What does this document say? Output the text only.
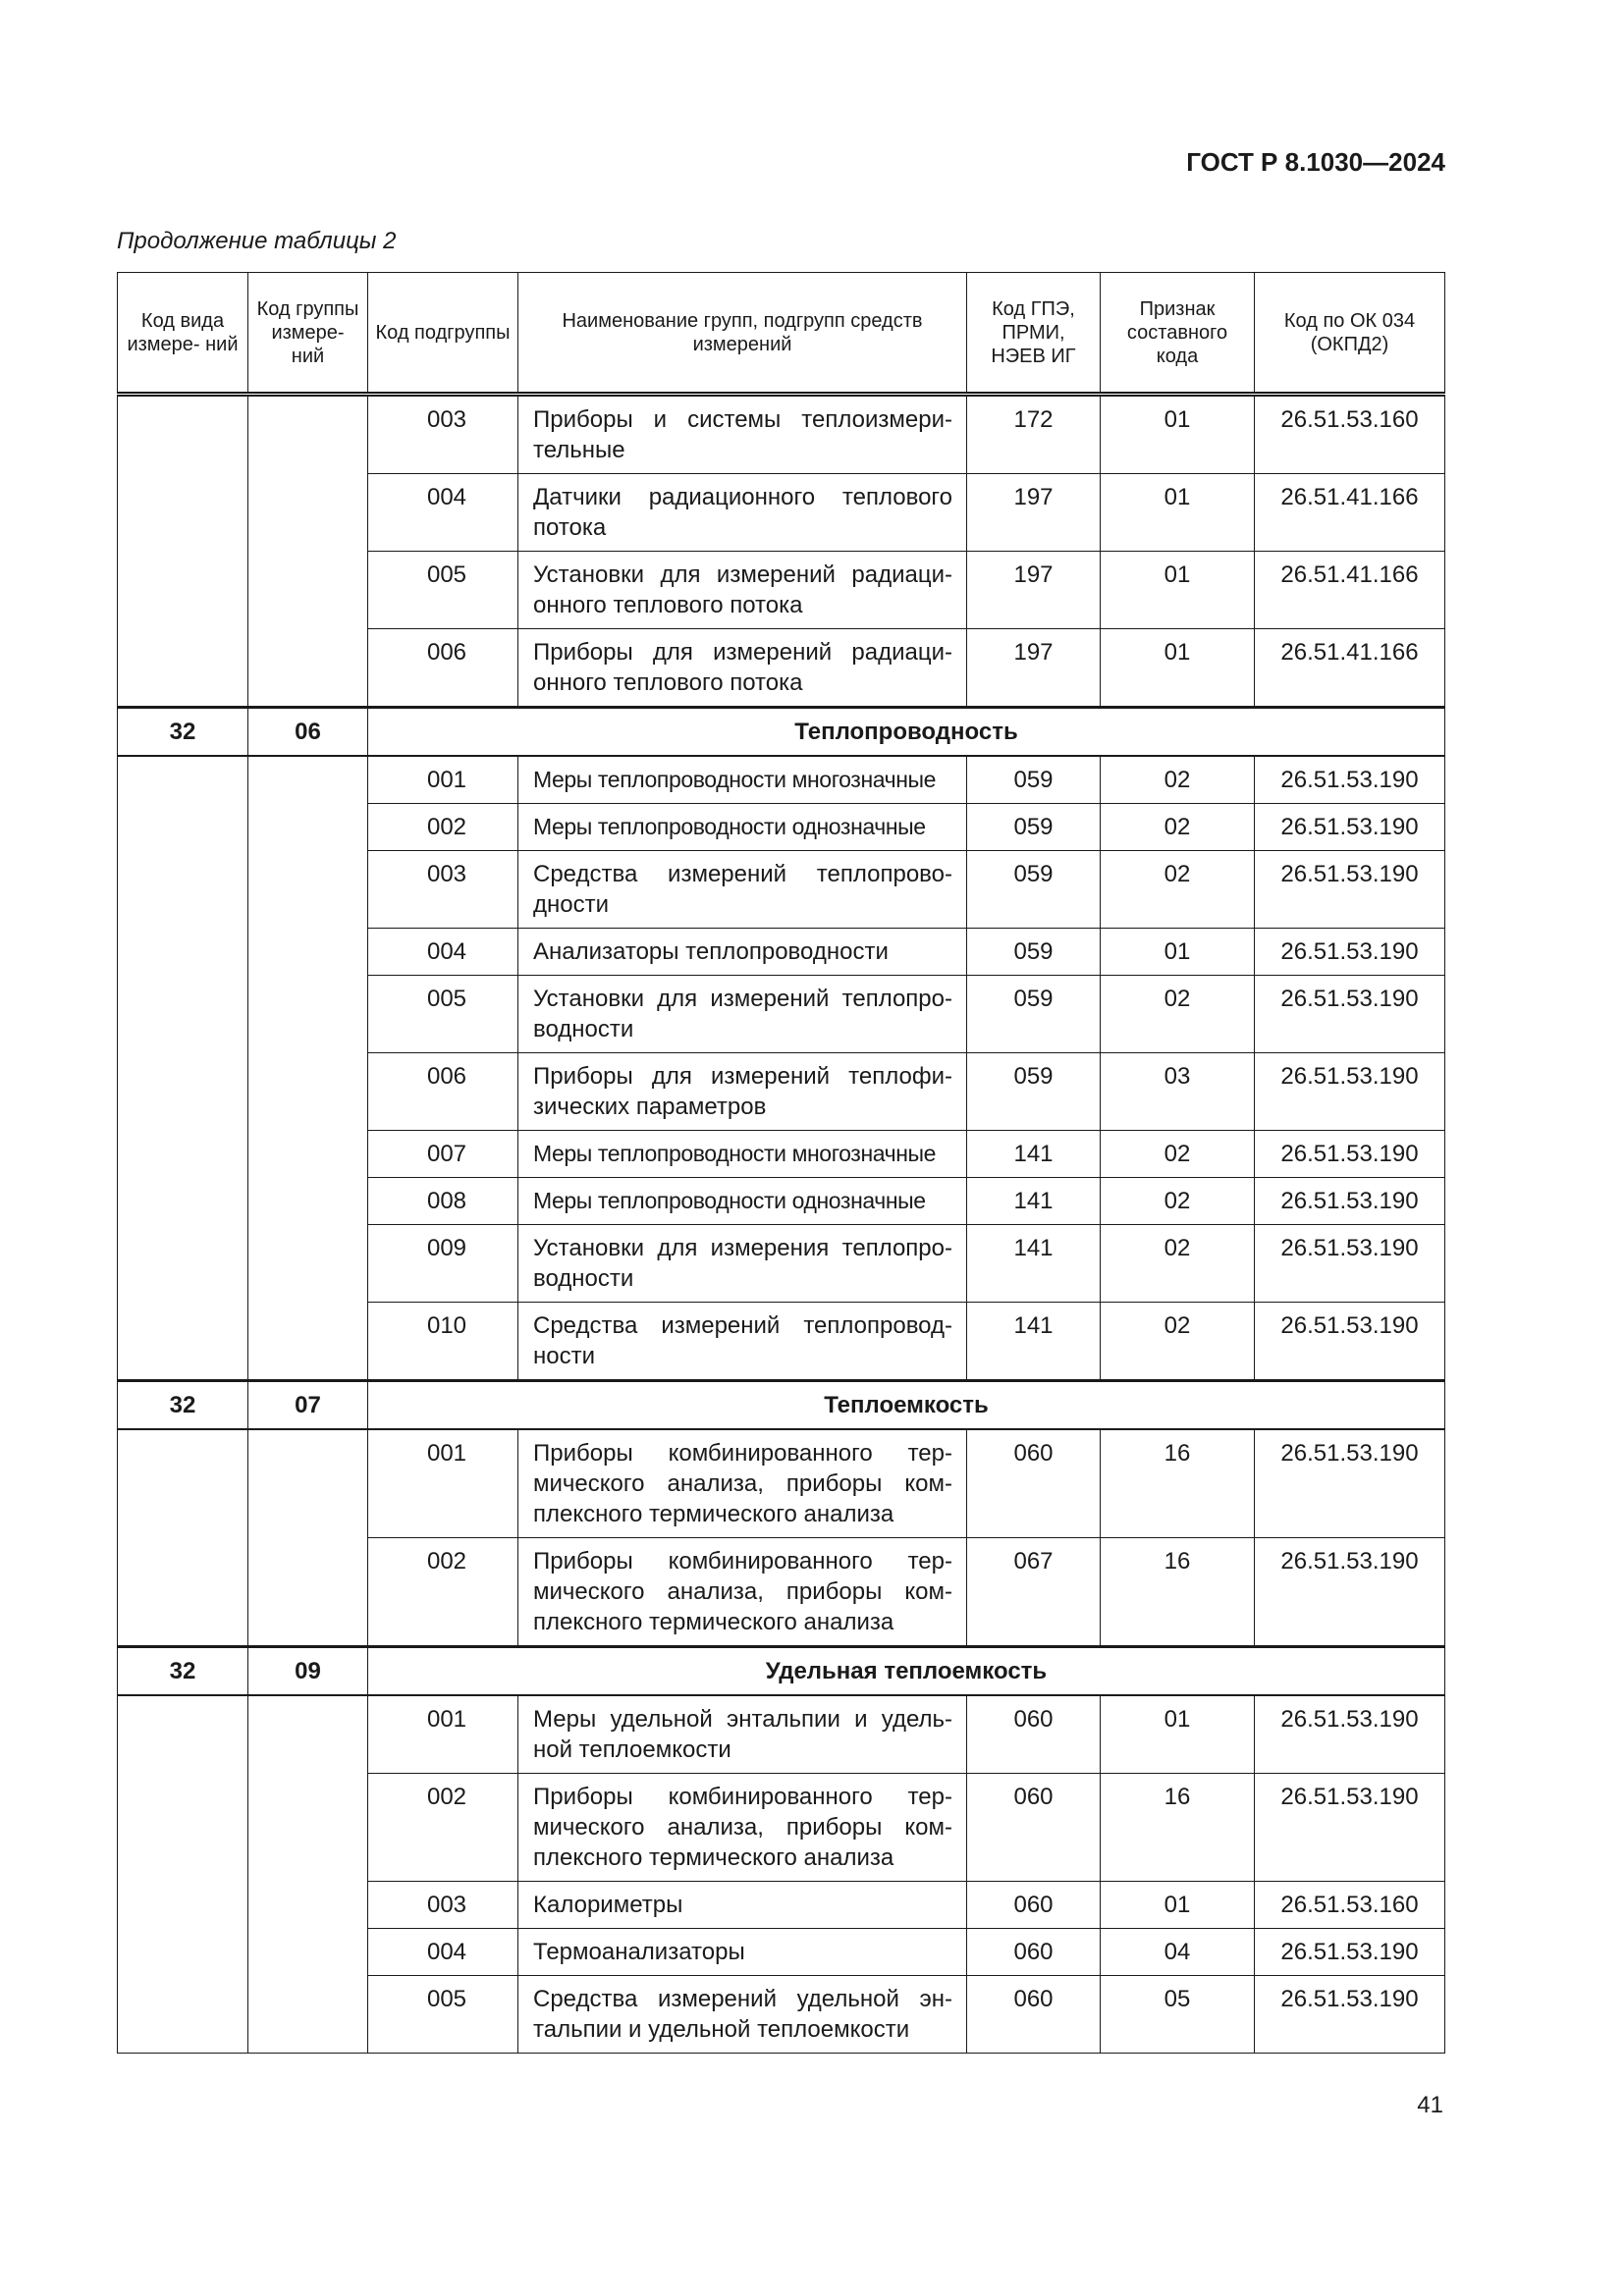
ГОСТ Р 8.1030—2024
Продолжение таблицы 2
Код вида измере- ний	Код группы измере- ний	Код подгруппы	Наименование групп, подгрупп средств измерений	Код ГПЭ, ПРМИ, НЭЕВ ИГ	Признак составного кода	Код по ОК 034 (ОКПД2)
		003	Приборы и системы теплоизмери- тельные	172	01	26.51.53.160
		004	Датчики радиационного теплового потока	197	01	26.51.41.166
		005	Установки для измерений радиаци- онного теплового потока	197	01	26.51.41.166
		006	Приборы для измерений радиаци- онного теплового потока	197	01	26.51.41.166
32	06	Теплопроводность				
		001	Меры теплопроводности многозначные	059	02	26.51.53.190
		002	Меры теплопроводности однозначные	059	02	26.51.53.190
		003	Средства измерений теплопрово- дности	059	02	26.51.53.190
		004	Анализаторы теплопроводности	059	01	26.51.53.190
		005	Установки для измерений теплопро- водности	059	02	26.51.53.190
		006	Приборы для измерений теплофи- зических параметров	059	03	26.51.53.190
		007	Меры теплопроводности многозначные	141	02	26.51.53.190
		008	Меры теплопроводности однозначные	141	02	26.51.53.190
		009	Установки для измерения теплопро- водности	141	02	26.51.53.190
		010	Средства измерений теплопровод- ности	141	02	26.51.53.190
32	07	Теплоемкость				
		001	Приборы комбинированного тер- мического анализа, приборы ком- плексного термического анализа	060	16	26.51.53.190
		002	Приборы комбинированного тер- мического анализа, приборы ком- плексного термического анализа	067	16	26.51.53.190
32	09	Удельная теплоемкость				
		001	Меры удельной энтальпии и удель- ной теплоемкости	060	01	26.51.53.190
		002	Приборы комбинированного тер- мического анализа, приборы ком- плексного термического анализа	060	16	26.51.53.190
		003	Калориметры	060	01	26.51.53.160
		004	Термоанализаторы	060	04	26.51.53.190
		005	Средства измерений удельной эн- тальпии и удельной теплоемкости	060	05	26.51.53.190
41
